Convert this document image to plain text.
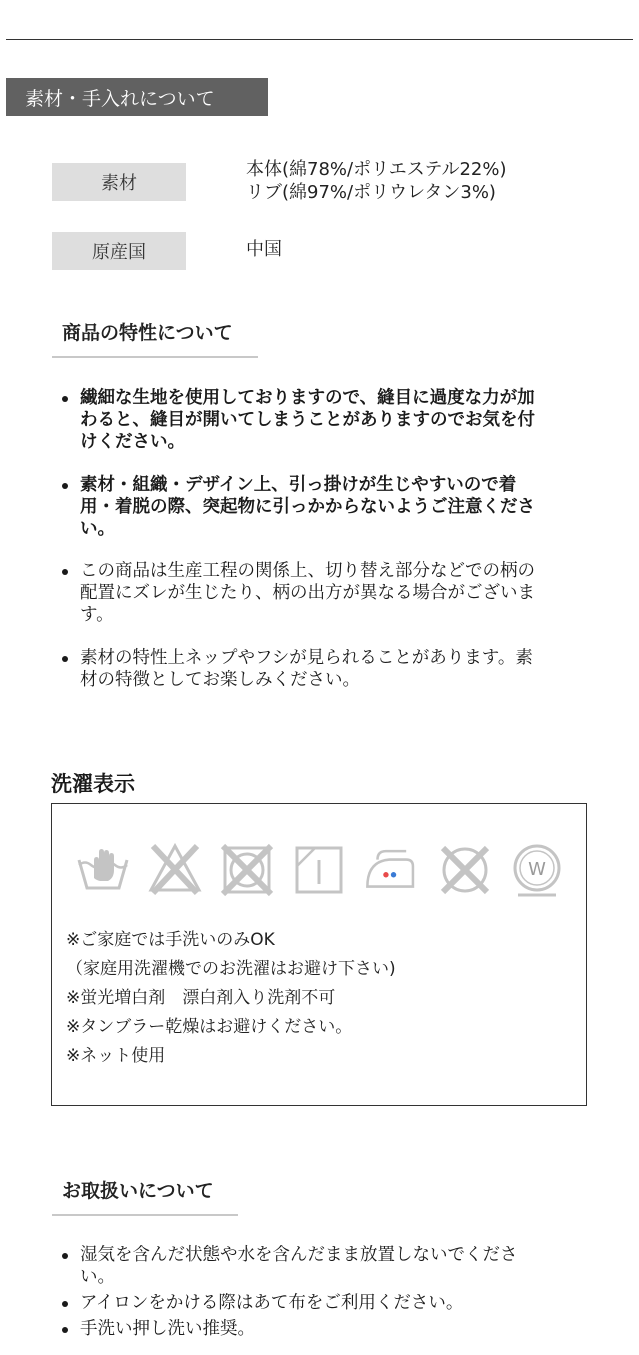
素材・手入れについて
素材
本体(綿78%/ポリエステル22%)
リブ(綿97%/ポリウレタン3%)
原産国	中国
商品の特性について
繊細な生地を使用しておりますので、縫目に過度な力が加
わると、縫目が開いてしまうことがありますのでお気を付
けください。
素材・組織・デザイン上、引っ掛けが生じやすいので着
用・着脱の際、突起物に引っかからないようご注意くださ
い。
この商品は生産工程の関係上、切り替え部分などでの柄の
配置にズレが生じたり、柄の出方が異なる場合がございま
す。
素材の特性上ネップやフシが見られることがあります。素
材の特徴としてお楽しみください。
洗濯表示
W
※ご家庭では手洗いのみOK
（家庭用洗濯機でのお洗濯はお避け下さい)
※蛍光増白剤　漂白剤入り洗剤不可
※タンブラー乾燥はお避けください。
※ネット使用
お取扱いについて
湿気を含んだ状態や水を含んだまま放置しないでくださ
い。
アイロンをかける際はあて布をご利用ください。
手洗い押し洗い推奨。
